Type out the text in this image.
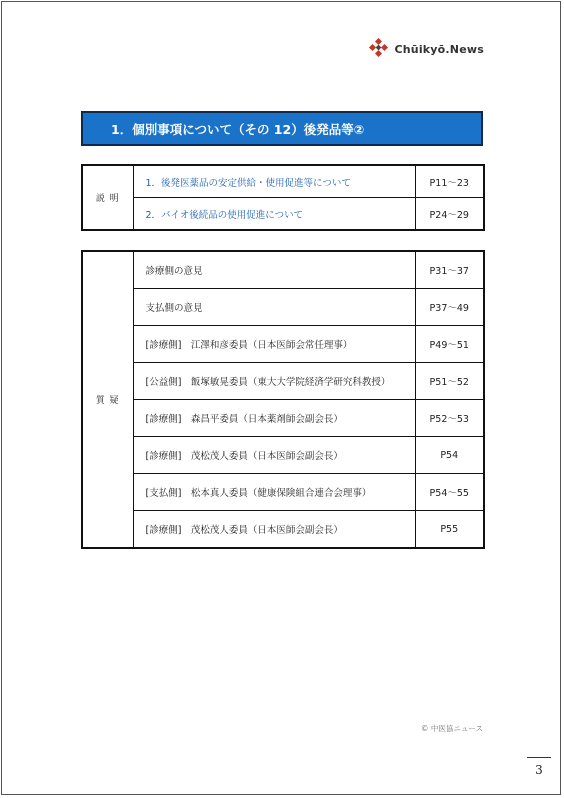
Chūikyō.News
1．個別事項について（その 12）後発品等②
説 明	1．後発医薬品の安定供給・使用促進等について	P11～23
	2．バイオ後続品の使用促進について	P24～29
質 疑	診療側の意見	P31～37
	支払側の意見	P37～49
	[診療側]　江澤和彦委員（日本医師会常任理事）	P49～51
	[公益側]　飯塚敏晃委員（東大大学院経済学研究科教授）	P51～52
	[診療側]　森昌平委員（日本薬剤師会副会長）	P52～53
	[診療側]　茂松茂人委員（日本医師会副会長）	P54
	[支払側]　松本真人委員（健康保険組合連合会理事）	P54～55
	[診療側]　茂松茂人委員（日本医師会副会長）	P55
© 中医協ニュース
3
